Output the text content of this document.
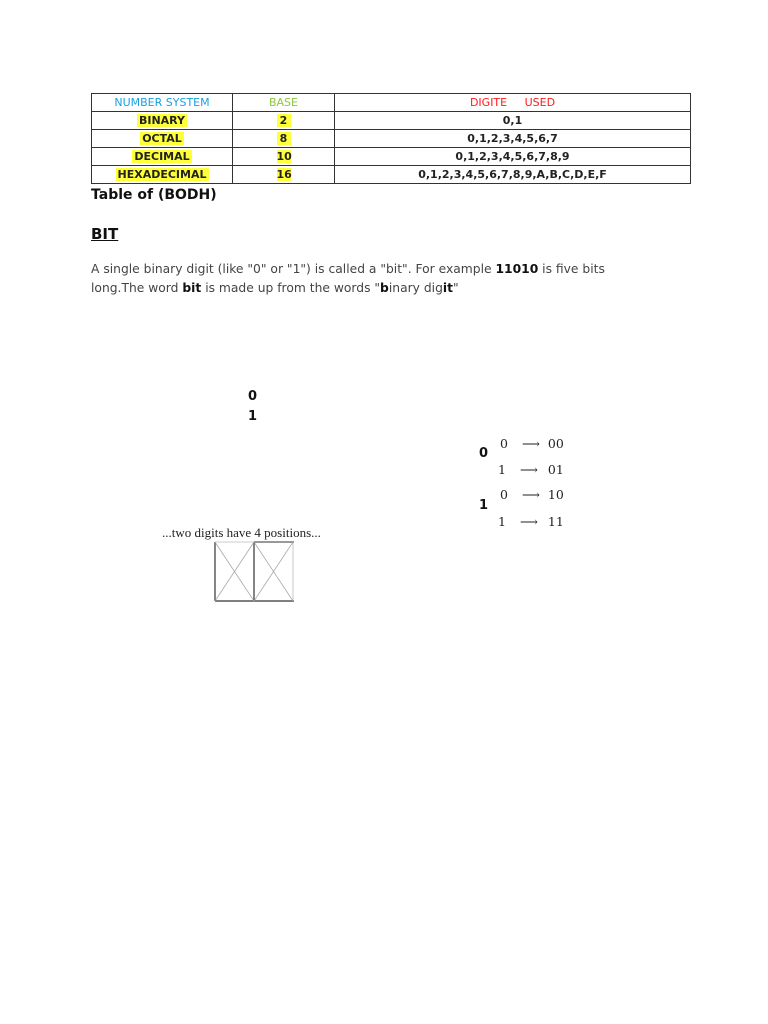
NUMBER SYSTEM	BASE	DIGITE     USED
BINARY	2	0,1
OCTAL	8	0,1,2,3,4,5,6,7
DECIMAL	10	0,1,2,3,4,5,6,7,8,9
HEXADECIMAL	16	0,1,2,3,4,5,6,7,8,9,A,B,C,D,E,F
Table of (BODH)
BIT
A single binary digit (like "0" or "1") is called a "bit". For example 11010 is five bits long.The word bit is made up from the words "binary digit"
0
1
0
1
0 ⟶ 00
1 ⟶ 01
0 ⟶ 10
1 ⟶ 11
...two digits have 4 positions...
